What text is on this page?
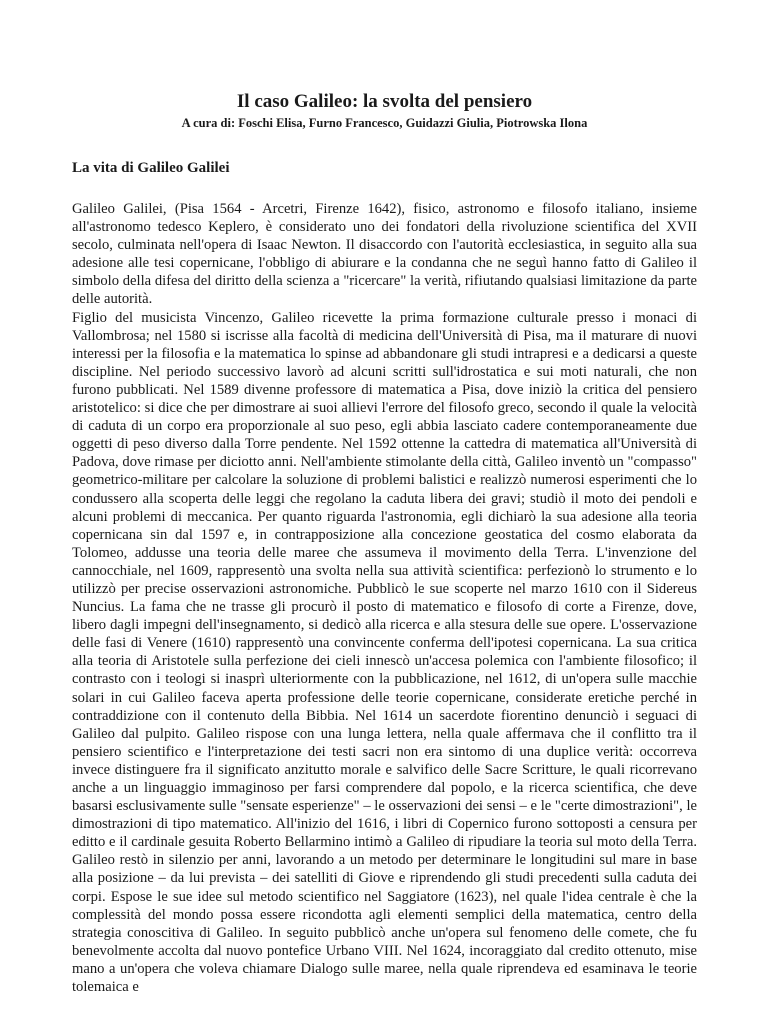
Il caso Galileo: la svolta del pensiero
A cura di: Foschi Elisa, Furno Francesco, Guidazzi Giulia, Piotrowska Ilona
La vita di Galileo Galilei

Galileo Galilei, (Pisa 1564 - Arcetri, Firenze 1642), fisico, astronomo e filosofo italiano, insieme all'astronomo tedesco Keplero, è considerato uno dei fondatori della rivoluzione scientifica del XVII secolo, culminata nell'opera di Isaac Newton. Il disaccordo con l'autorità ecclesiastica, in seguito alla sua adesione alle tesi copernicane, l'obbligo di abiurare e la condanna che ne seguì hanno fatto di Galileo il simbolo della difesa del diritto della scienza a "ricercare" la verità, rifiutando qualsiasi limitazione da parte delle autorità.

Figlio del musicista Vincenzo, Galileo ricevette la prima formazione culturale presso i monaci di Vallombrosa; nel 1580 si iscrisse alla facoltà di medicina dell'Università di Pisa, ma il maturare di nuovi interessi per la filosofia e la matematica lo spinse ad abbandonare gli studi intrapresi e a dedicarsi a queste discipline. Nel periodo successivo lavorò ad alcuni scritti sull'idrostatica e sui moti naturali, che non furono pubblicati. Nel 1589 divenne professore di matematica a Pisa, dove iniziò la critica del pensiero aristotelico: si dice che per dimostrare ai suoi allievi l'errore del filosofo greco, secondo il quale la velocità di caduta di un corpo era proporzionale al suo peso, egli abbia lasciato cadere contemporaneamente due oggetti di peso diverso dalla Torre pendente. Nel 1592 ottenne la cattedra di matematica all'Università di Padova, dove rimase per diciotto anni. Nell'ambiente stimolante della città, Galileo inventò un "compasso" geometrico-militare per calcolare la soluzione di problemi balistici e realizzò numerosi esperimenti che lo condussero alla scoperta delle leggi che regolano la caduta libera dei gravi; studiò il moto dei pendoli e alcuni problemi di meccanica. Per quanto riguarda l'astronomia, egli dichiarò la sua adesione alla teoria copernicana sin dal 1597 e, in contrapposizione alla concezione geostatica del cosmo elaborata da Tolomeo, addusse una teoria delle maree che assumeva il movimento della Terra. L'invenzione del cannocchiale, nel 1609, rappresentò una svolta nella sua attività scientifica: perfezionò lo strumento e lo utilizzò per precise osservazioni astronomiche. Pubblicò le sue scoperte nel marzo 1610 con il Sidereus Nuncius. La fama che ne trasse gli procurò il posto di matematico e filosofo di corte a Firenze, dove, libero dagli impegni dell'insegnamento, si dedicò alla ricerca e alla stesura delle sue opere. L'osservazione delle fasi di Venere (1610) rappresentò una convincente conferma dell'ipotesi copernicana. La sua critica alla teoria di Aristotele sulla perfezione dei cieli innescò un'accesa polemica con l'ambiente filosofico; il contrasto con i teologi si inasprì ulteriormente con la pubblicazione, nel 1612, di un'opera sulle macchie solari in cui Galileo faceva aperta professione delle teorie copernicane, considerate eretiche perché in contraddizione con il contenuto della Bibbia. Nel 1614 un sacerdote fiorentino denunciò i seguaci di Galileo dal pulpito. Galileo rispose con una lunga lettera, nella quale affermava che il conflitto tra il pensiero scientifico e l'interpretazione dei testi sacri non era sintomo di una duplice verità: occorreva invece distinguere fra il significato anzitutto morale e salvifico delle Sacre Scritture, le quali ricorrevano anche a un linguaggio immaginoso per farsi comprendere dal popolo, e la ricerca scientifica, che deve basarsi esclusivamente sulle "sensate esperienze" – le osservazioni dei sensi – e le "certe dimostrazioni", le dimostrazioni di tipo matematico. All'inizio del 1616, i libri di Copernico furono sottoposti a censura per editto e il cardinale gesuita Roberto Bellarmino intimò a Galileo di ripudiare la teoria sul moto della Terra. Galileo restò in silenzio per anni, lavorando a un metodo per determinare le longitudini sul mare in base alla posizione – da lui prevista – dei satelliti di Giove e riprendendo gli studi precedenti sulla caduta dei corpi. Espose le sue idee sul metodo scientifico nel Saggiatore (1623), nel quale l'idea centrale è che la complessità del mondo possa essere ricondotta agli elementi semplici della matematica, centro della strategia conoscitiva di Galileo. In seguito pubblicò anche un'opera sul fenomeno delle comete, che fu benevolmente accolta dal nuovo pontefice Urbano VIII. Nel 1624, incoraggiato dal credito ottenuto, mise mano a un'opera che voleva chiamare Dialogo sulle maree, nella quale riprendeva ed esaminava le teorie tolemaica e
